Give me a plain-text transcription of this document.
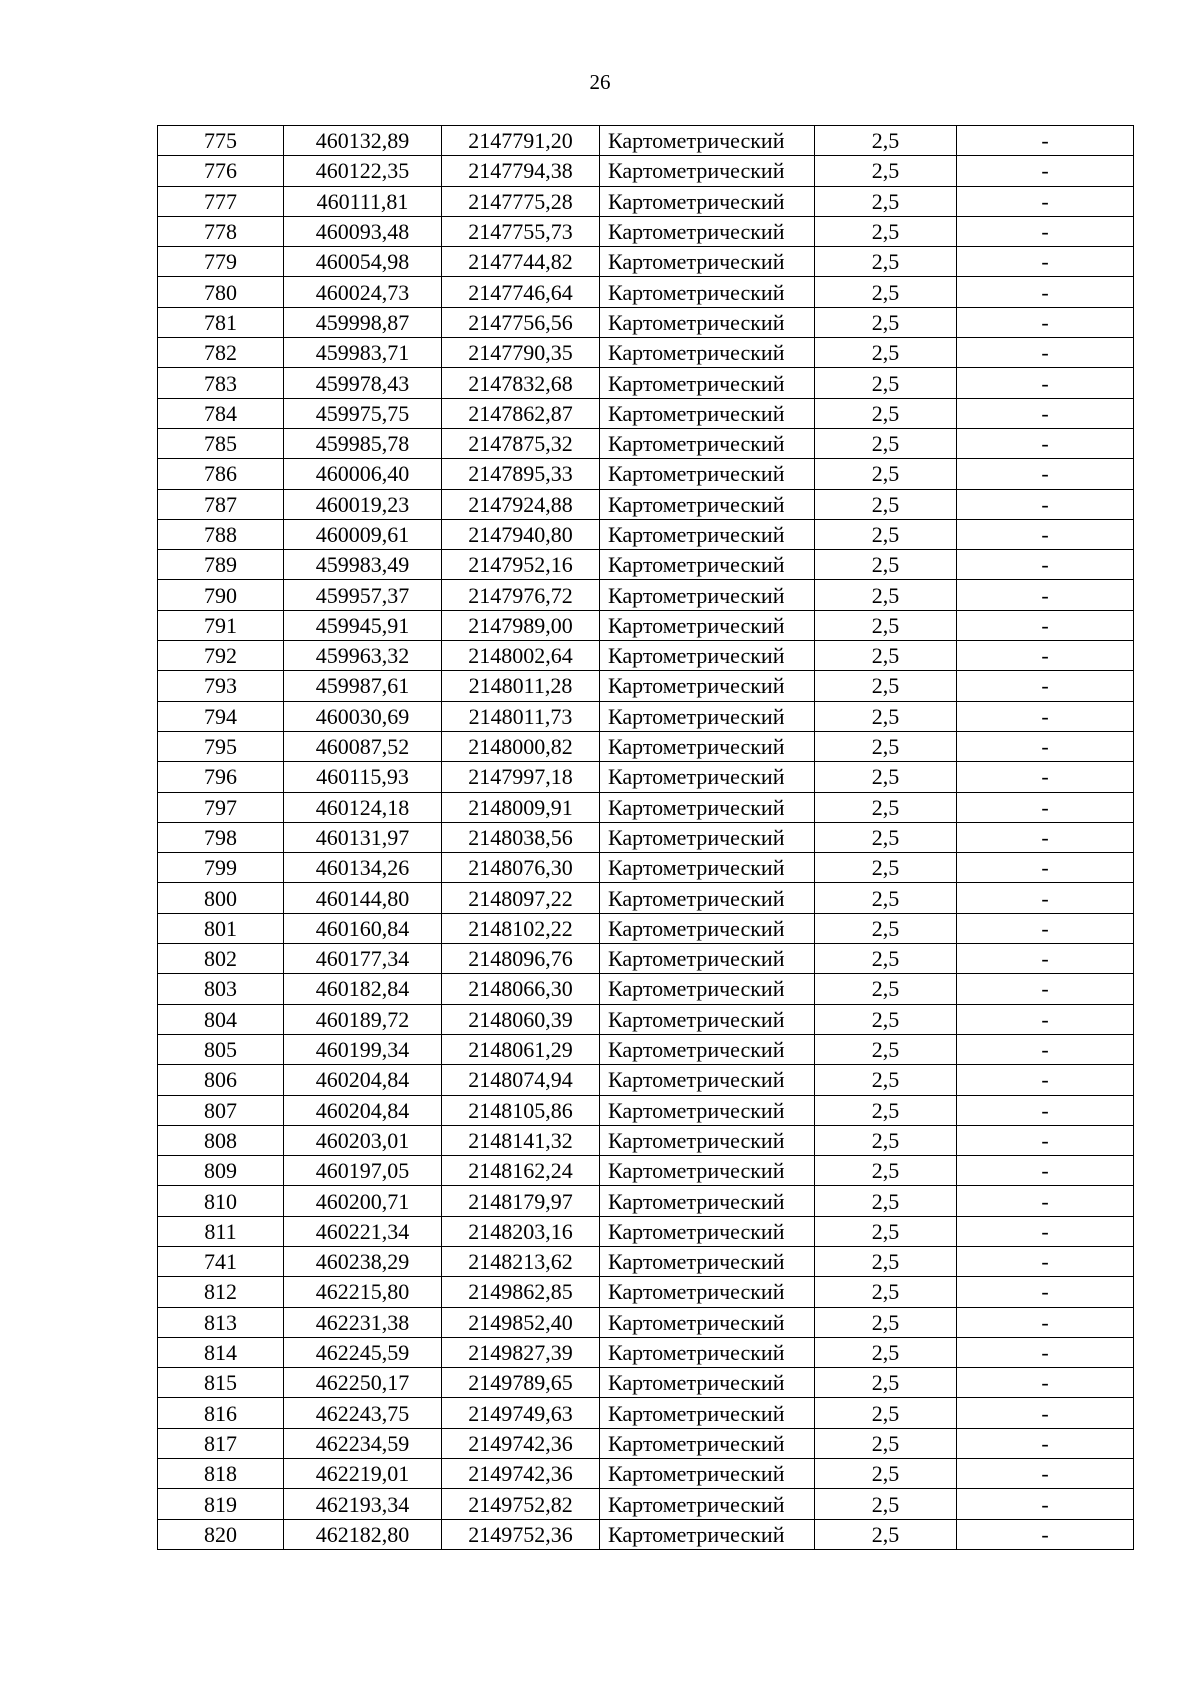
26
775	460132,89	2147791,20	Картометрический	2,5	-
776	460122,35	2147794,38	Картометрический	2,5	-
777	460111,81	2147775,28	Картометрический	2,5	-
778	460093,48	2147755,73	Картометрический	2,5	-
779	460054,98	2147744,82	Картометрический	2,5	-
780	460024,73	2147746,64	Картометрический	2,5	-
781	459998,87	2147756,56	Картометрический	2,5	-
782	459983,71	2147790,35	Картометрический	2,5	-
783	459978,43	2147832,68	Картометрический	2,5	-
784	459975,75	2147862,87	Картометрический	2,5	-
785	459985,78	2147875,32	Картометрический	2,5	-
786	460006,40	2147895,33	Картометрический	2,5	-
787	460019,23	2147924,88	Картометрический	2,5	-
788	460009,61	2147940,80	Картометрический	2,5	-
789	459983,49	2147952,16	Картометрический	2,5	-
790	459957,37	2147976,72	Картометрический	2,5	-
791	459945,91	2147989,00	Картометрический	2,5	-
792	459963,32	2148002,64	Картометрический	2,5	-
793	459987,61	2148011,28	Картометрический	2,5	-
794	460030,69	2148011,73	Картометрический	2,5	-
795	460087,52	2148000,82	Картометрический	2,5	-
796	460115,93	2147997,18	Картометрический	2,5	-
797	460124,18	2148009,91	Картометрический	2,5	-
798	460131,97	2148038,56	Картометрический	2,5	-
799	460134,26	2148076,30	Картометрический	2,5	-
800	460144,80	2148097,22	Картометрический	2,5	-
801	460160,84	2148102,22	Картометрический	2,5	-
802	460177,34	2148096,76	Картометрический	2,5	-
803	460182,84	2148066,30	Картометрический	2,5	-
804	460189,72	2148060,39	Картометрический	2,5	-
805	460199,34	2148061,29	Картометрический	2,5	-
806	460204,84	2148074,94	Картометрический	2,5	-
807	460204,84	2148105,86	Картометрический	2,5	-
808	460203,01	2148141,32	Картометрический	2,5	-
809	460197,05	2148162,24	Картометрический	2,5	-
810	460200,71	2148179,97	Картометрический	2,5	-
811	460221,34	2148203,16	Картометрический	2,5	-
741	460238,29	2148213,62	Картометрический	2,5	-
812	462215,80	2149862,85	Картометрический	2,5	-
813	462231,38	2149852,40	Картометрический	2,5	-
814	462245,59	2149827,39	Картометрический	2,5	-
815	462250,17	2149789,65	Картометрический	2,5	-
816	462243,75	2149749,63	Картометрический	2,5	-
817	462234,59	2149742,36	Картометрический	2,5	-
818	462219,01	2149742,36	Картометрический	2,5	-
819	462193,34	2149752,82	Картометрический	2,5	-
820	462182,80	2149752,36	Картометрический	2,5	-
